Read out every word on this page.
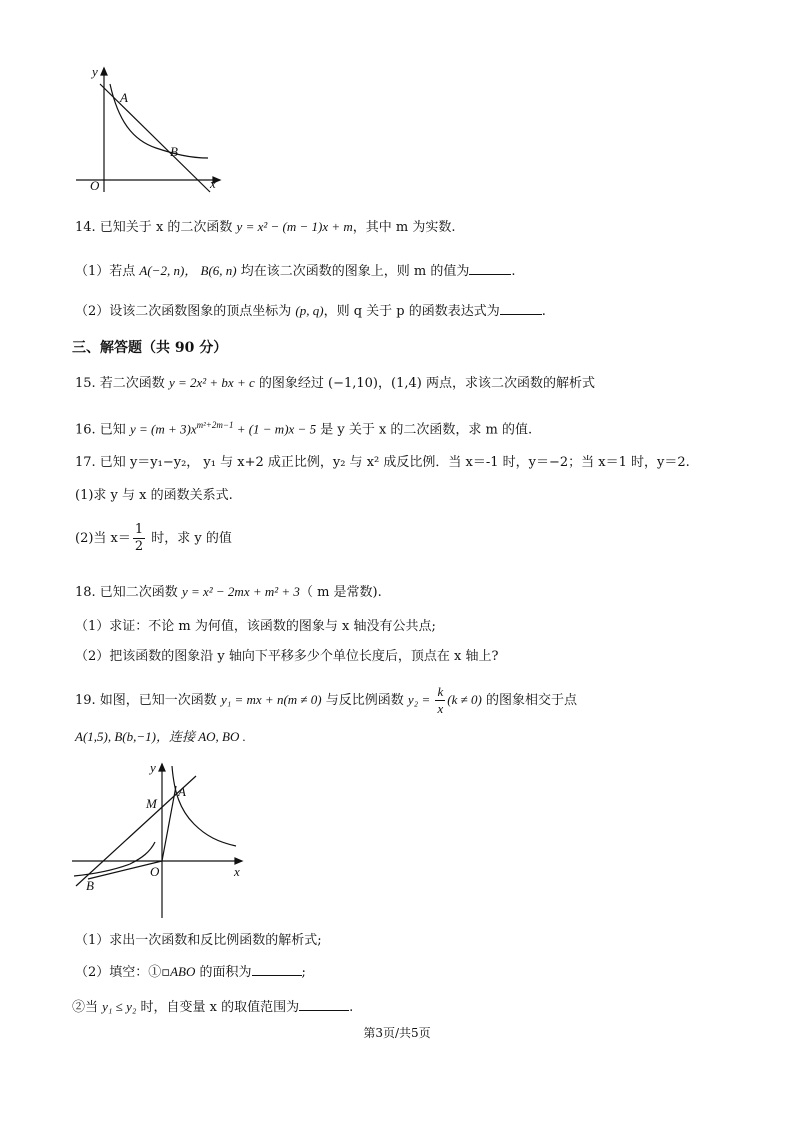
y
x
O
A
B
14. 已知关于 x 的二次函数 y = x² − (m − 1)x + m，其中 m 为实数.
（1）若点 A(−2, n)， B(6, n) 均在该二次函数的图象上，则 m 的值为	.
（2）设该二次函数图象的顶点坐标为 (p, q)，则 q 关于 p 的函数表达式为	.
三、解答题（共 90 分）
15. 若二次函数 y = 2x² + bx + c 的图象经过 (−1,10)，(1,4) 两点，求该二次函数的解析式
16. 已知 $y = (m + 3)x^{m^2+2m-1} + (1 - m)x - 5$ 是 y 关于 x 的二次函数，求 m 的值.
17. 已知 y＝y₁−y₂， y₁ 与 x+2 成正比例，y₂ 与 x² 成反比例．当 x＝-1 时，y＝−2；当 x＝1 时，y＝2.
(1)求 y 与 x 的函数关系式.
(2)当 $x= \frac{1}{2}$ 时，求 y 的值
18. 已知二次函数 y = x² − 2mx + m² + 3（ m 是常数).
（1）求证：不论 m 为何值，该函数的图象与 x 轴没有公共点;
（2）把该函数的图象沿 y 轴向下平移多少个单位长度后，顶点在 x 轴上?
19. 如图，已知一次函数 y₁ = mx + n(m ≠ 0) 与反比例函数 $y_2 = \frac{k}{x} (k \ne 0)$ 的图象相交于点
A(1,5), B(b,−1)，连接 AO, BO .
y
x
O
A
B
M
（1）求出一次函数和反比例函数的解析式;
（2）填空：①▫ABO 的面积为	;
②当 y₁ ≤ y₂ 时，自变量 x 的取值范围为	.
第3页/共5页
